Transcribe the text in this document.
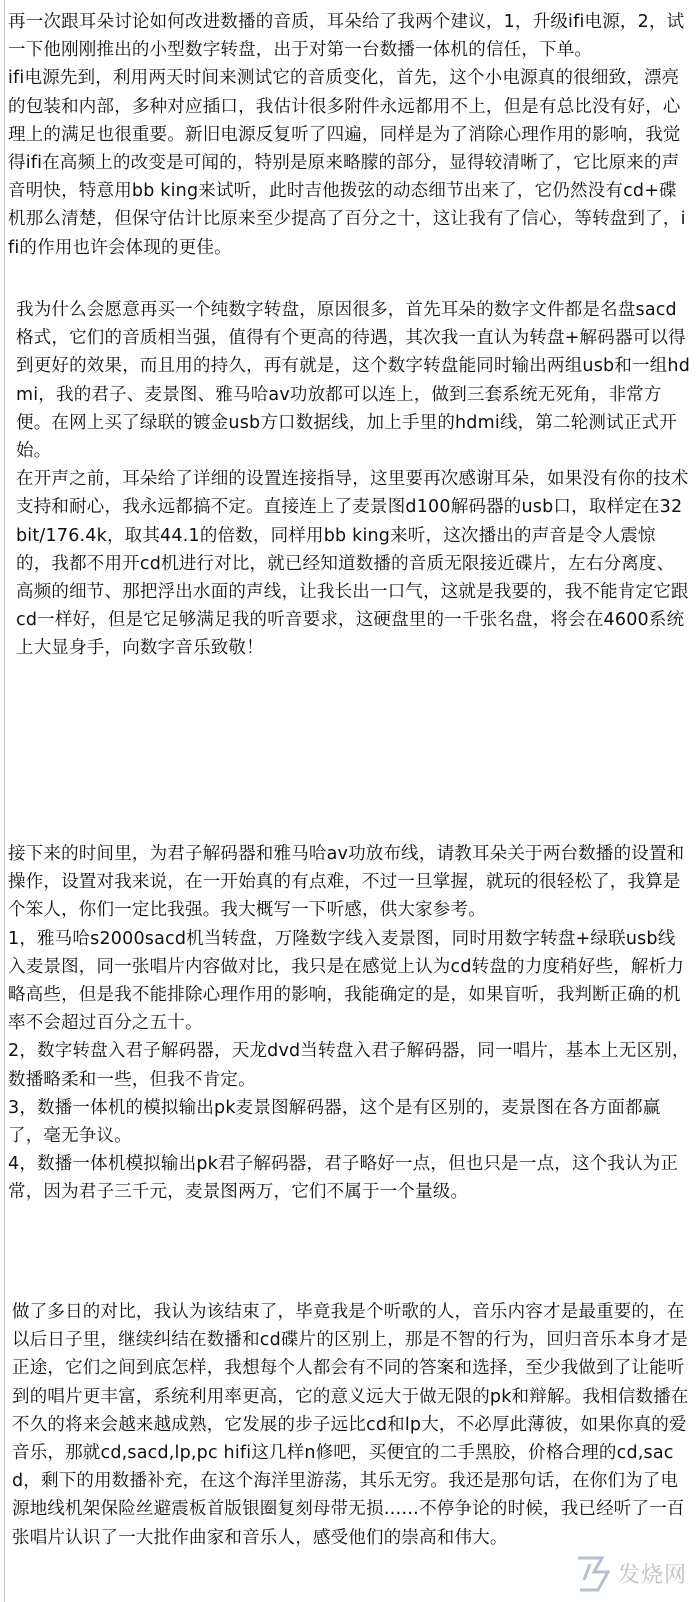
再一次跟耳朵讨论如何改进数播的音质，耳朵给了我两个建议，1，升级ifi电源，2，试一下他刚刚推出的小型数字转盘，出于对第一台数播一体机的信任，下单。

ifi电源先到，利用两天时间来测试它的音质变化，首先，这个小电源真的很细致，漂亮的包装和内部，多种对应插口，我估计很多附件永远都用不上，但是有总比没有好，心理上的满足也很重要。新旧电源反复听了四遍，同样是为了消除心理作用的影响，我觉得ifi在高频上的改变是可闻的，特别是原来略朦的部分，显得较清晰了，它比原来的声音明快，特意用bb king来试听，此时吉他拨弦的动态细节出来了，它仍然没有cd+碟机那么清楚，但保守估计比原来至少提高了百分之十，这让我有了信心，等转盘到了，ifi的作用也许会体现的更佳。

我为什么会愿意再买一个纯数字转盘，原因很多，首先耳朵的数字文件都是名盘sacd格式，它们的音质相当强，值得有个更高的待遇，其次我一直认为转盘+解码器可以得到更好的效果，而且用的持久，再有就是，这个数字转盘能同时输出两组usb和一组hdmi，我的君子、麦景图、雅马哈av功放都可以连上，做到三套系统无死角，非常方便。在网上买了绿联的镀金usb方口数据线，加上手里的hdmi线，第二轮测试正式开始。

在开声之前，耳朵给了详细的设置连接指导，这里要再次感谢耳朵，如果没有你的技术支持和耐心，我永远都搞不定。直接连上了麦景图d100解码器的usb口，取样定在32bit/176.4k，取其44.1的倍数，同样用bb king来听，这次播出的声音是令人震惊的，我都不用开cd机进行对比，就已经知道数播的音质无限接近碟片，左右分离度、高频的细节、那把浮出水面的声线，让我长出一口气，这就是我要的，我不能肯定它跟cd一样好，但是它足够满足我的听音要求，这硬盘里的一千张名盘，将会在4600系统上大显身手，向数字音乐致敬！

接下来的时间里，为君子解码器和雅马哈av功放布线，请教耳朵关于两台数播的设置和操作，设置对我来说，在一开始真的有点难，不过一旦掌握，就玩的很轻松了，我算是个笨人，你们一定比我强。我大概写一下听感，供大家参考。

1，雅马哈s2000sacd机当转盘，万隆数字线入麦景图，同时用数字转盘+绿联usb线入麦景图，同一张唱片内容做对比，我只是在感觉上认为cd转盘的力度稍好些，解析力略高些，但是我不能排除心理作用的影响，我能确定的是，如果盲听，我判断正确的机率不会超过百分之五十。

2，数字转盘入君子解码器，天龙dvd当转盘入君子解码器，同一唱片，基本上无区别，数播略柔和一些，但我不肯定。

3，数播一体机的模拟输出pk麦景图解码器，这个是有区别的，麦景图在各方面都赢了，毫无争议。

4，数播一体机模拟输出pk君子解码器，君子略好一点，但也只是一点，这个我认为正常，因为君子三千元，麦景图两万，它们不属于一个量级。

做了多日的对比，我认为该结束了，毕竟我是个听歌的人，音乐内容才是最重要的，在以后日子里，继续纠结在数播和cd碟片的区别上，那是不智的行为，回归音乐本身才是正途，它们之间到底怎样，我想每个人都会有不同的答案和选择，至少我做到了让能听到的唱片更丰富，系统利用率更高，它的意义远大于做无限的pk和辩解。我相信数播在不久的将来会越来越成熟，它发展的步子远比cd和lp大，不必厚此薄彼，如果你真的爱音乐，那就cd,sacd,lp,pc hifi这几样n修吧，买便宜的二手黑胶，价格合理的cd,sacd，剩下的用数播补充，在这个海洋里游荡，其乐无穷。我还是那句话，在你们为了电源地线机架保险丝避震板首版银圈复刻母带无损……不停争论的时候，我已经听了一百张唱片认识了一大批作曲家和音乐人，感受他们的崇高和伟大。

发烧网
